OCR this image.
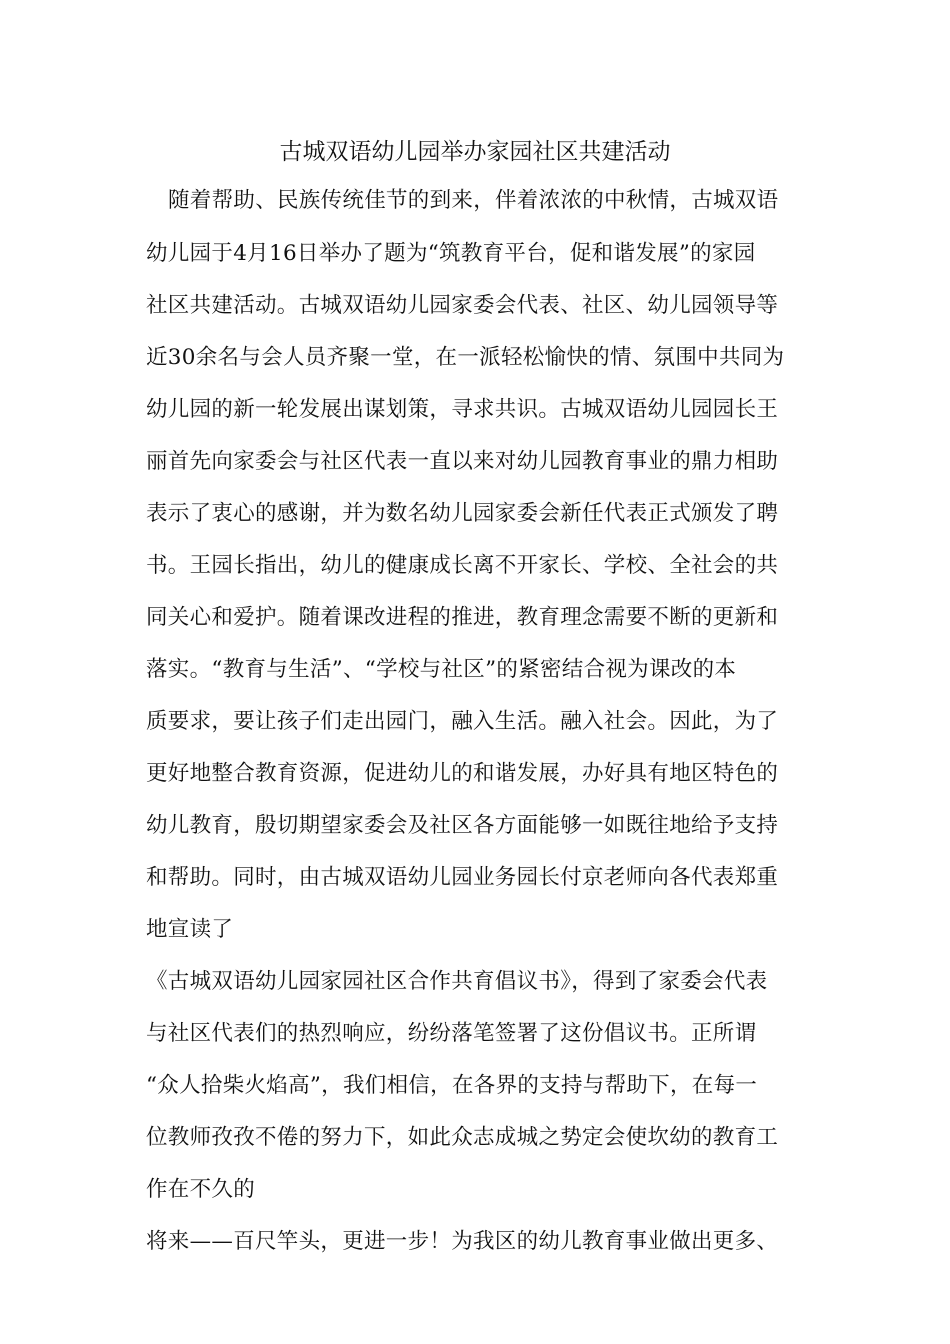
古城双语幼儿园举办家园社区共建活动
随着帮助、民族传统佳节的到来，伴着浓浓的中秋情，古城双语
幼儿园于4月16日举办了题为“筑教育平台，促和谐发展”的家园
社区共建活动。古城双语幼儿园家委会代表、社区、幼儿园领导等
近30余名与会人员齐聚一堂，在一派轻松愉快的情、氛围中共同为
幼儿园的新一轮发展出谋划策，寻求共识。古城双语幼儿园园长王
丽首先向家委会与社区代表一直以来对幼儿园教育事业的鼎力相助
表示了衷心的感谢，并为数名幼儿园家委会新任代表正式颁发了聘
书。王园长指出，幼儿的健康成长离不开家长、学校、全社会的共
同关心和爱护。随着课改进程的推进，教育理念需要不断的更新和
落实。“教育与生活”、“学校与社区”的紧密结合视为课改的本
质要求，要让孩子们走出园门，融入生活。融入社会。因此，为了
更好地整合教育资源，促进幼儿的和谐发展，办好具有地区特色的
幼儿教育，殷切期望家委会及社区各方面能够一如既往地给予支持
和帮助。同时，由古城双语幼儿园业务园长付京老师向各代表郑重
地宣读了
《古城双语幼儿园家园社区合作共育倡议书》，得到了家委会代表
与社区代表们的热烈响应，纷纷落笔签署了这份倡议书。正所谓
“众人拾柴火焰高”，我们相信，在各界的支持与帮助下，在每一
位教师孜孜不倦的努力下，如此众志成城之势定会使坎幼的教育工
作在不久的
将来——百尺竿头，更进一步！为我区的幼儿教育事业做出更多、
